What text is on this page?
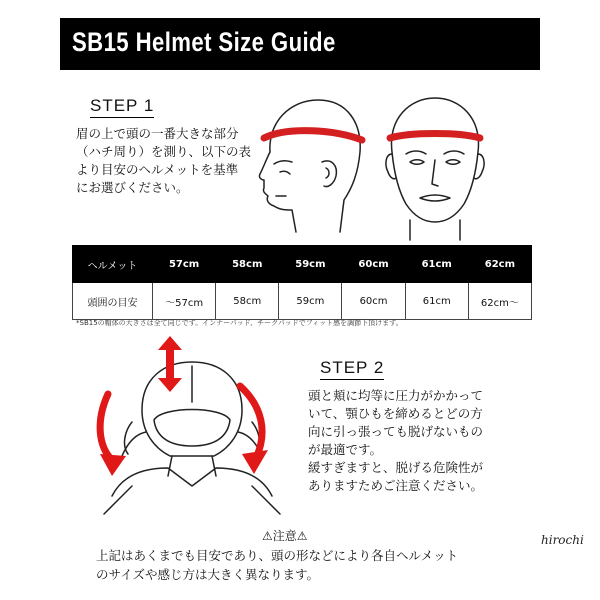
SB15 Helmet Size Guide
STEP 1
眉の上で頭の一番大きな部分
（ハチ周り）を測り、以下の表
より目安のヘルメットを基準
にお選びください。
ヘルメット	57cm	58cm	59cm	60cm	61cm	62cm
頭囲の目安	～57cm	58cm	59cm	60cm	61cm	62cm～
*SB15の帽体の大きさは全て同じです。インナーパッド、チークパッドでフィット感を調節下頂けます。
STEP 2
頭と頬に均等に圧力がかかって
いて、顎ひもを締めるとどの方
向に引っ張っても脱げないもの
が最適です。
緩すぎますと、脱げる危険性が
ありますためご注意ください。
⚠注意⚠
上記はあくまでも目安であり、頭の形などにより各自ヘルメット
のサイズや感じ方は大きく異なります。
hirochi
